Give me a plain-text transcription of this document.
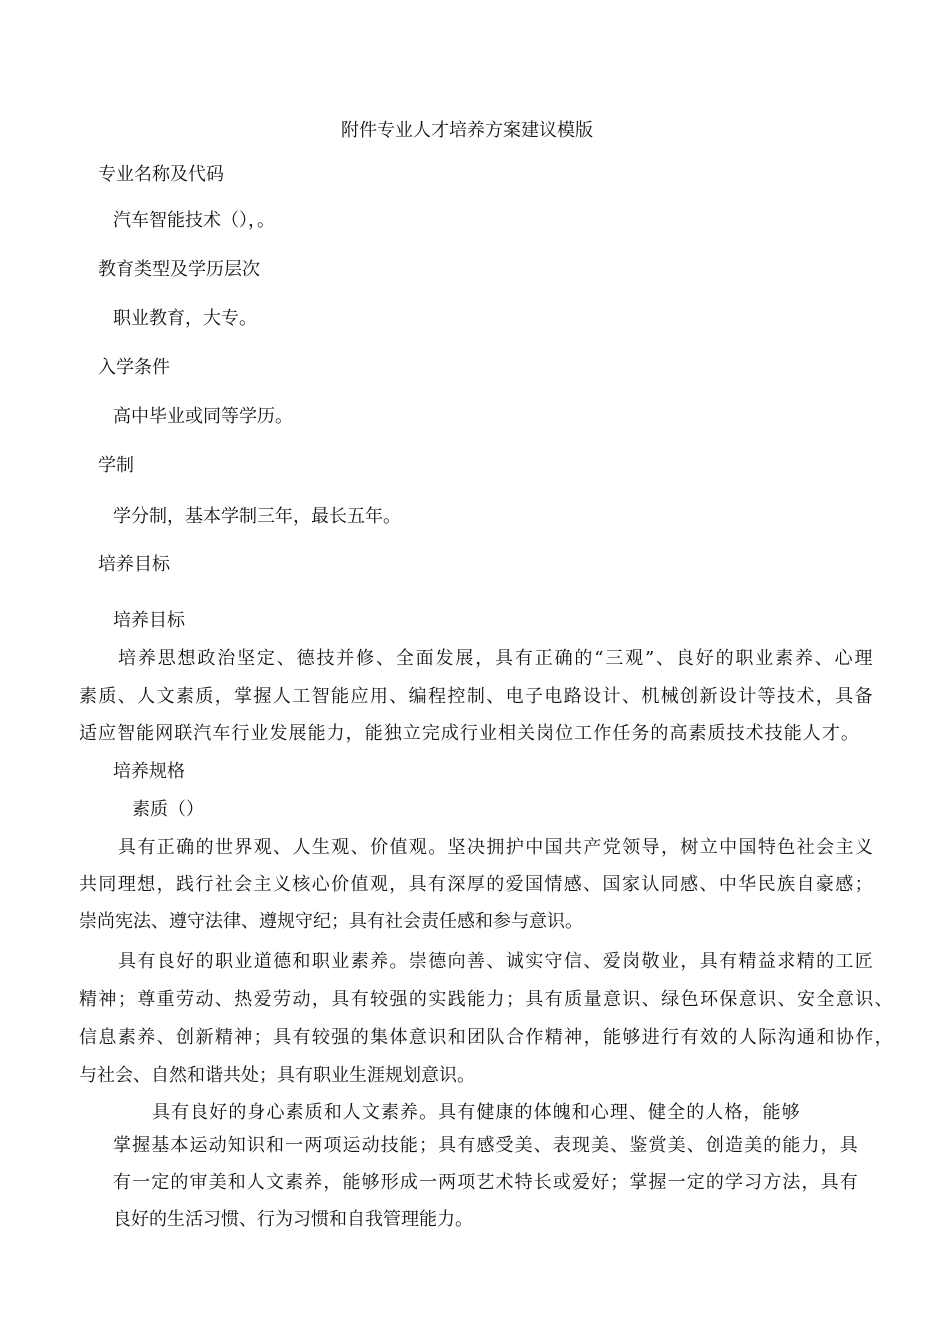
附件专业人才培养方案建议模版

专业名称及代码

汽车智能技术（），。

教育类型及学历层次

职业教育，大专。

入学条件

高中毕业或同等学历。

学制

学分制，基本学制三年，最长五年。

培养目标

培养目标

培 养 思 想 政 治 坚 定 、 德 技 并 修 、 全 面 发 展 ， 具 有 正 确 的 “ 三 观 ” 、 良 好 的 职 业 素 养 、 心 理
素 质 、 人 文 素 质 ， 掌 握 人 工 智 能 应 用 、 编 程 控 制 、 电 子 电 路 设 计 、 机 械 创 新 设 计 等 技 术 ， 具 备
适 应 智 能 网 联 汽 车 行 业 发 展 能 力 ， 能 独 立 完 成 行 业 相 关 岗 位 工 作 任 务 的 高 素 质 技 术 技 能 人 才 。

培养规格

素质（）

具 有 正 确 的 世 界 观 、 人 生 观 、 价 值 观 。 坚 决 拥 护 中 国 共 产 党 领 导 ， 树 立 中 国 特 色 社 会 主 义
共 同 理 想 ， 践 行 社 会 主 义 核 心 价 值 观 ， 具 有 深 厚 的 爱 国 情 感 、 国 家 认 同 感 、 中 华 民 族 自 豪 感 ；

崇尚宪法、遵守法律、遵规守纪；具有社会责任感和参与意识。

具 有 良 好 的 职 业 道 德 和 职 业 素 养 。 崇 德 向 善 、 诚 实 守 信 、 爱 岗 敬 业 ， 具 有 精 益 求 精 的 工 匠
精 神 ； 尊 重 劳 动 、 热 爱 劳 动 ， 具 有 较 强 的 实 践 能 力 ； 具 有 质 量 意 识 、 绿 色 环 保 意 识 、 安 全 意 识 、
信 息 素 养 、 创 新 精 神 ； 具 有 较 强 的 集 体 意 识 和 团 队 合 作 精 神 ， 能 够 进 行 有 效 的 人 际 沟 通 和 协 作 ，

与社会、自然和谐共处；具有职业生涯规划意识。

具 有 良 好 的 身 心 素 质 和 人 文 素 养 。 具 有 健 康 的 体 魄 和 心 理 、 健 全 的 人 格 ， 能 够
掌 握 基 本 运 动 知 识 和 一 两 项 运 动 技 能 ； 具 有 感 受 美 、 表 现 美 、 鉴 赏 美 、 创 造 美 的 能 力 ， 具
有 一 定 的 审 美 和 人 文 素 养 ， 能 够 形 成 一 两 项 艺 术 特 长 或 爱 好 ； 掌 握 一 定 的 学 习 方 法 ， 具 有

良好的生活习惯、行为习惯和自我管理能力。
